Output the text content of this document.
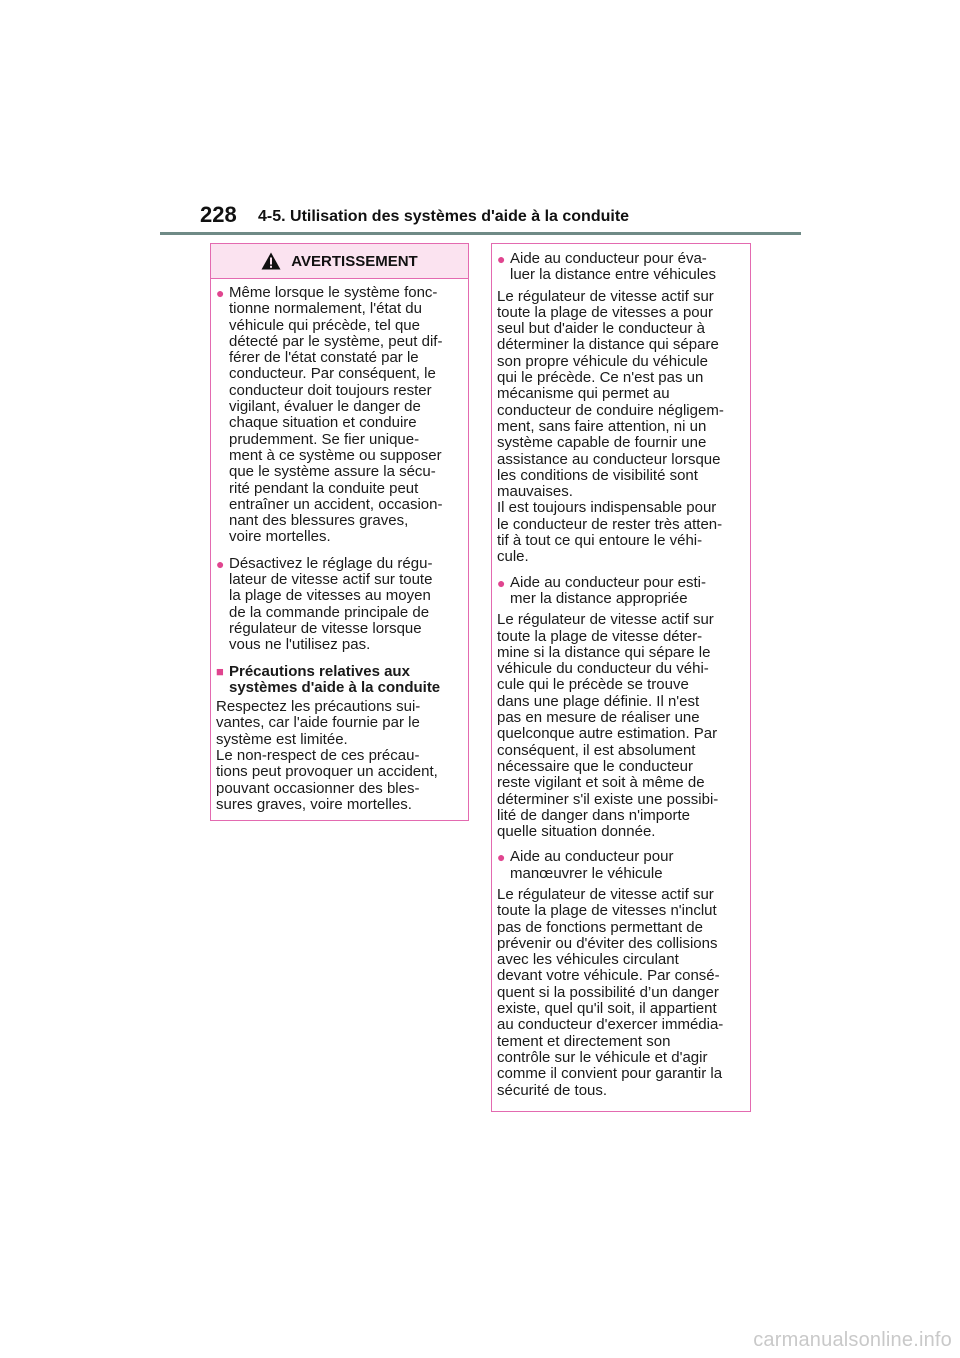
228 4-5. Utilisation des systèmes d'aide à la conduite
AVERTISSEMENT
● Même lorsque le système fonc-
tionne normalement, l'état du
véhicule qui précède, tel que
détecté par le système, peut dif-
férer de l'état constaté par le
conducteur. Par conséquent, le
conducteur doit toujours rester
vigilant, évaluer le danger de
chaque situation et conduire
prudemment. Se fier unique-
ment à ce système ou supposer
que le système assure la sécu-
rité pendant la conduite peut
entraîner un accident, occasion-
nant des blessures graves,
voire mortelles.
● Désactivez le réglage du régu-
lateur de vitesse actif sur toute
la plage de vitesses au moyen
de la commande principale de
régulateur de vitesse lorsque
vous ne l'utilisez pas.
■ Précautions relatives aux
systèmes d'aide à la conduite
Respectez les précautions sui-
vantes, car l'aide fournie par le
système est limitée.
Le non-respect de ces précau-
tions peut provoquer un accident,
pouvant occasionner des bles-
sures graves, voire mortelles.
● Aide au conducteur pour éva-
luer la distance entre véhicules
Le régulateur de vitesse actif sur
toute la plage de vitesses a pour
seul but d'aider le conducteur à
déterminer la distance qui sépare
son propre véhicule du véhicule
qui le précède. Ce n'est pas un
mécanisme qui permet au
conducteur de conduire négligem-
ment, sans faire attention, ni un
système capable de fournir une
assistance au conducteur lorsque
les conditions de visibilité sont
mauvaises.
Il est toujours indispensable pour
le conducteur de rester très atten-
tif à tout ce qui entoure le véhi-
cule.
● Aide au conducteur pour esti-
mer la distance appropriée
Le régulateur de vitesse actif sur
toute la plage de vitesse déter-
mine si la distance qui sépare le
véhicule du conducteur du véhi-
cule qui le précède se trouve
dans une plage définie. Il n'est
pas en mesure de réaliser une
quelconque autre estimation. Par
conséquent, il est absolument
nécessaire que le conducteur
reste vigilant et soit à même de
déterminer s'il existe une possibi-
lité de danger dans n'importe
quelle situation donnée.
● Aide au conducteur pour
manœuvrer le véhicule
Le régulateur de vitesse actif sur
toute la plage de vitesses n'inclut
pas de fonctions permettant de
prévenir ou d'éviter des collisions
avec les véhicules circulant
devant votre véhicule. Par consé-
quent si la possibilité d’un danger
existe, quel qu'il soit, il appartient
au conducteur d'exercer immédia-
tement et directement son
contrôle sur le véhicule et d'agir
comme il convient pour garantir la
sécurité de tous.
carmanualsonline.info
